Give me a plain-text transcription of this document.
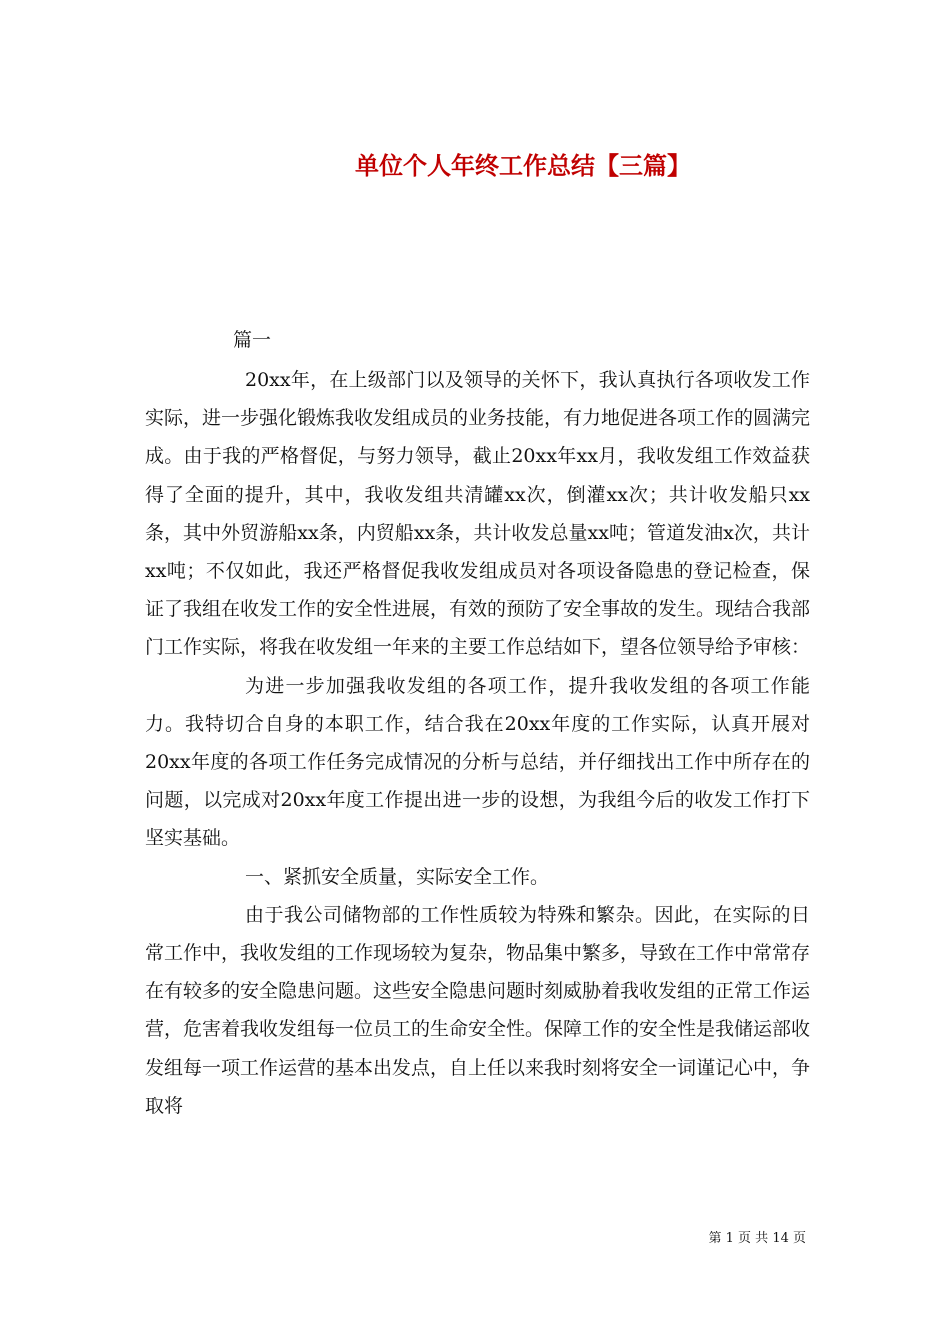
单位个人年终工作总结【三篇】
篇一

20xx年，在上级部门以及领导的关怀下，我认真执行各项收发工作实际，进一步强化锻炼我收发组成员的业务技能，有力地促进各项工作的圆满完成。由于我的严格督促，与努力领导，截止20xx年xx月，我收发组工作效益获得了全面的提升，其中，我收发组共清罐xx次，倒灌xx次；共计收发船只xx条，其中外贸游船xx条，内贸船xx条，共计收发总量xx吨；管道发油x次，共计xx吨；不仅如此，我还严格督促我收发组成员对各项设备隐患的登记检查，保证了我组在收发工作的安全性进展，有效的预防了安全事故的发生。现结合我部门工作实际，将我在收发组一年来的主要工作总结如下，望各位领导给予审核：

为进一步加强我收发组的各项工作，提升我收发组的各项工作能力。我特切合自身的本职工作，结合我在20xx年度的工作实际，认真开展对20xx年度的各项工作任务完成情况的分析与总结，并仔细找出工作中所存在的问题，以完成对20xx年度工作提出进一步的设想，为我组今后的收发工作打下坚实基础。

一、紧抓安全质量，实际安全工作。

由于我公司储物部的工作性质较为特殊和繁杂。因此，在实际的日常工作中，我收发组的工作现场较为复杂，物品集中繁多，导致在工作中常常存在有较多的安全隐患问题。这些安全隐患问题时刻威胁着我收发组的正常工作运营，危害着我收发组每一位员工的生命安全性。保障工作的安全性是我储运部收发组每一项工作运营的基本出发点，自上任以来我时刻将安全一词谨记心中，争取将

第 1 页 共 14 页
